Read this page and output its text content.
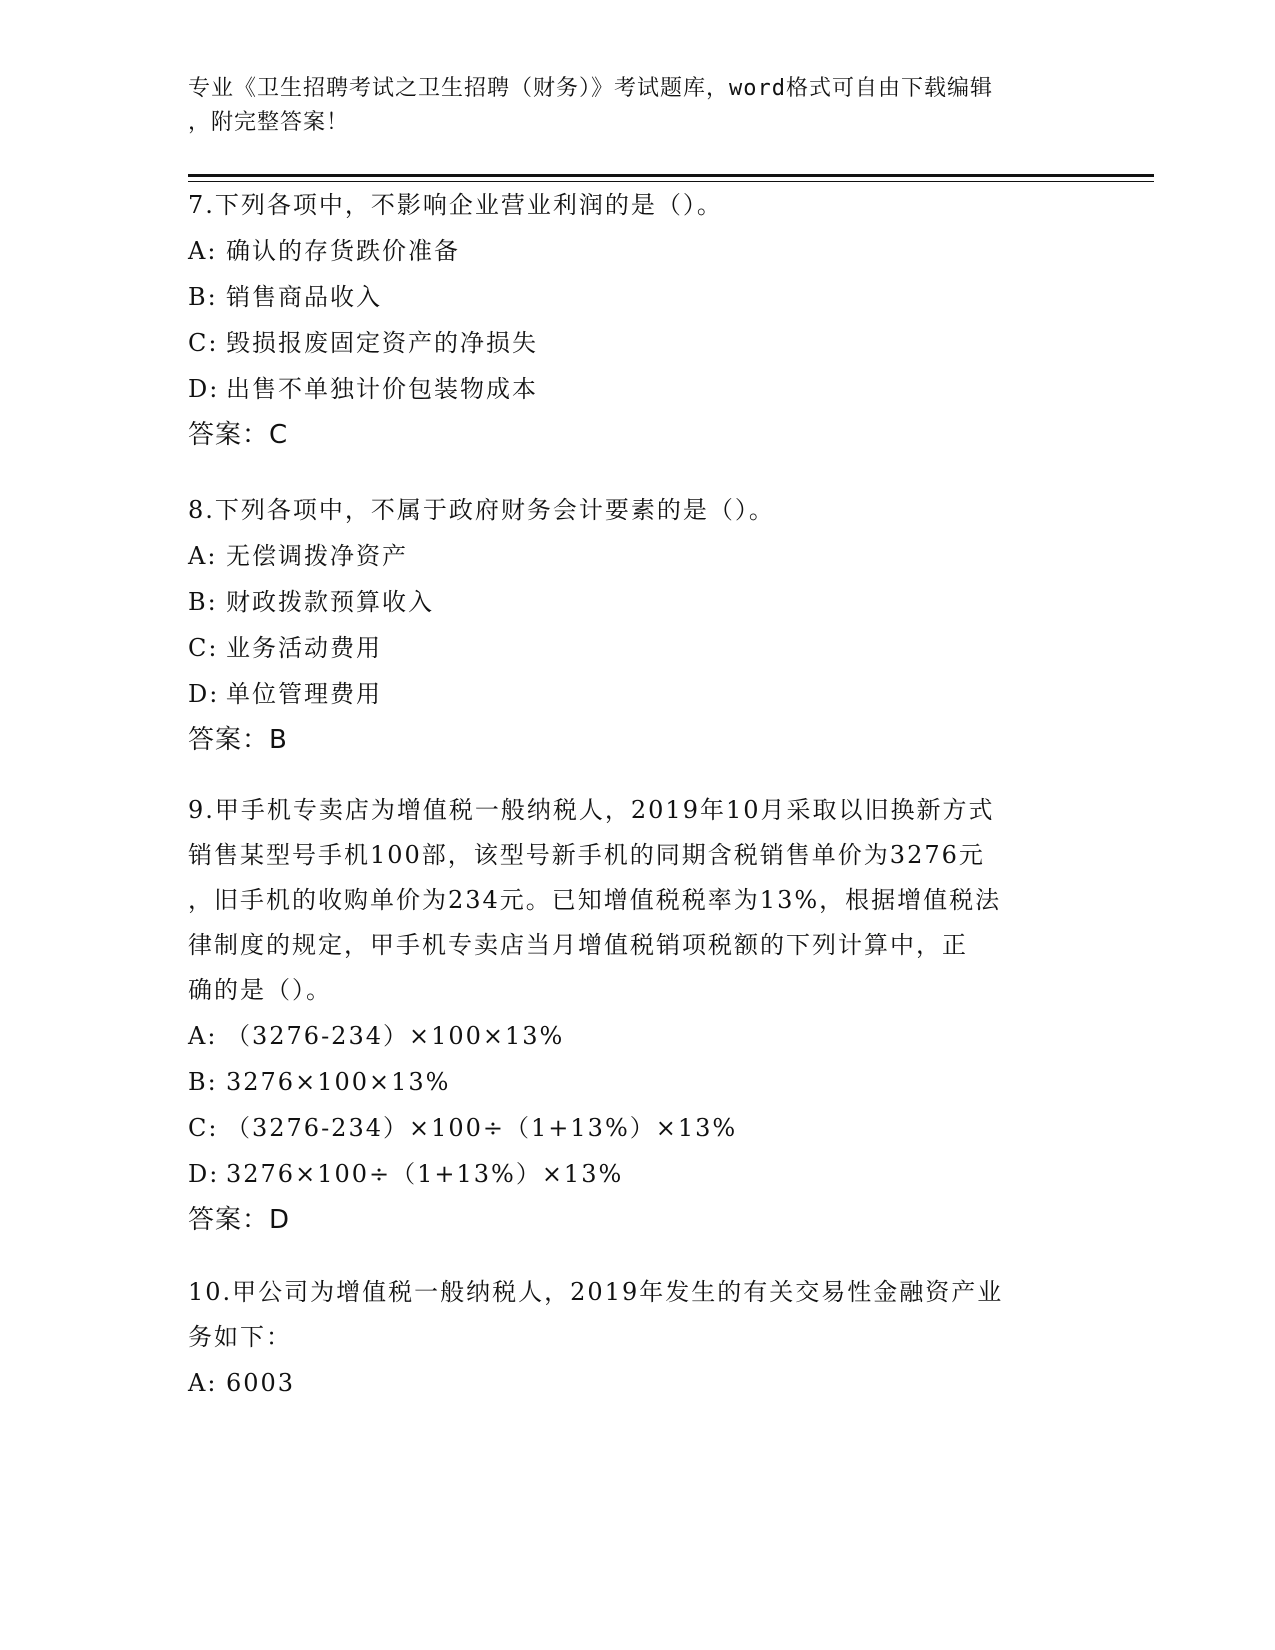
专业《卫生招聘考试之卫生招聘（财务）》考试题库，word格式可自由下载编辑
，附完整答案！
7.下列各项中，不影响企业营业利润的是（）。
A: 确认的存货跌价准备
B: 销售商品收入
C: 毁损报废固定资产的净损失
D: 出售不单独计价包装物成本
答案：C
8.下列各项中，不属于政府财务会计要素的是（）。
A: 无偿调拨净资产
B: 财政拨款预算收入
C: 业务活动费用
D: 单位管理费用
答案：B
9.甲手机专卖店为增值税一般纳税人，2019年10月采取以旧换新方式
销售某型号手机100部，该型号新手机的同期含税销售单价为3276元
，旧手机的收购单价为234元。已知增值税税率为13%，根据增值税法
律制度的规定，甲手机专卖店当月增值税销项税额的下列计算中，正
确的是（）。
A: （3276-234）×100×13%
B: 3276×100×13%
C: （3276-234）×100÷（1+13%）×13%
D: 3276×100÷（1+13%）×13%
答案：D
10.甲公司为增值税一般纳税人，2019年发生的有关交易性金融资产业
务如下：
A: 6003
